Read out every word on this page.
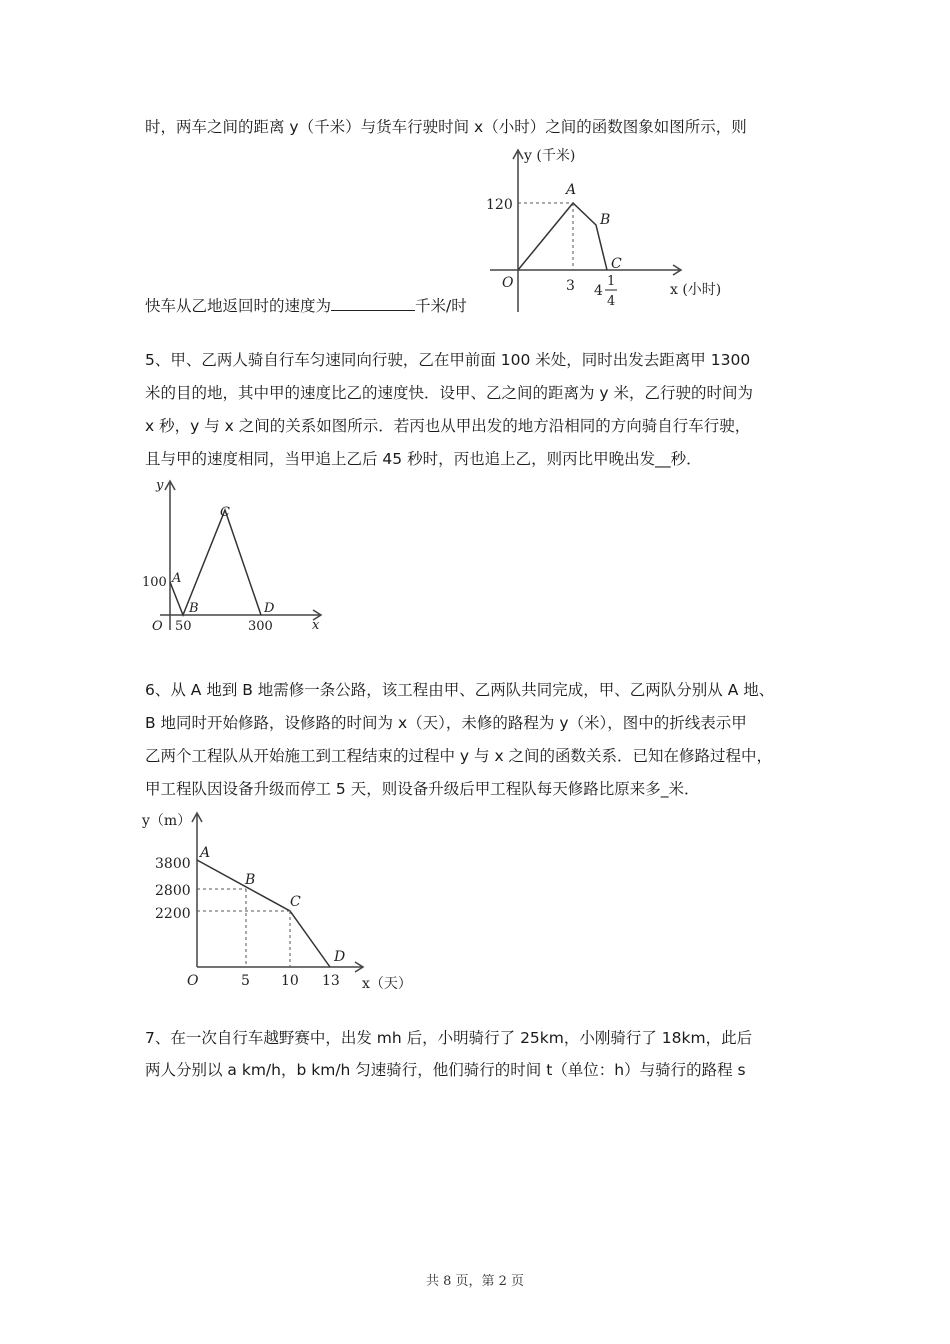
时，两车之间的距离 y（千米）与货车行驶时间 x（小时）之间的函数图象如图所示，则
y (千米)
x (小时)
O
120
3 4
1
4
A
B
C
快车从乙地返回时的速度为	千米/时
5、甲、乙两人骑自行车匀速同向行驶，乙在甲前面 100 米处，同时出发去距离甲 1300
米的目的地，其中甲的速度比乙的速度快．设甲、乙之间的距离为 y 米，乙行驶的时间为
x 秒，y 与 x 之间的关系如图所示．若丙也从甲出发的地方沿相同的方向骑自行车行驶，
且与甲的速度相同，当甲追上乙后 45 秒时，丙也追上乙，则丙比甲晚出发__秒．
y
x
O
100
50	300
A
B
C
D
6、从 A 地到 B 地需修一条公路，该工程由甲、乙两队共同完成，甲、乙两队分别从 A 地、
B 地同时开始修路，设修路的时间为 x（天），未修的路程为 y（米），图中的折线表示甲
乙两个工程队从开始施工到工程结束的过程中 y 与 x 之间的函数关系．已知在修路过程中，
甲工程队因设备升级而停工 5 天，则设备升级后甲工程队每天修路比原来多_米．
y（m）
x（天）
O
3800
2800
2200
5 10 13
A
B
C
D
7、在一次自行车越野赛中，出发 mh 后，小明骑行了 25km，小刚骑行了 18km，此后
两人分别以 a km/h，b km/h 匀速骑行，他们骑行的时间 t（单位：h）与骑行的路程 s
共 8 页，第 2 页
